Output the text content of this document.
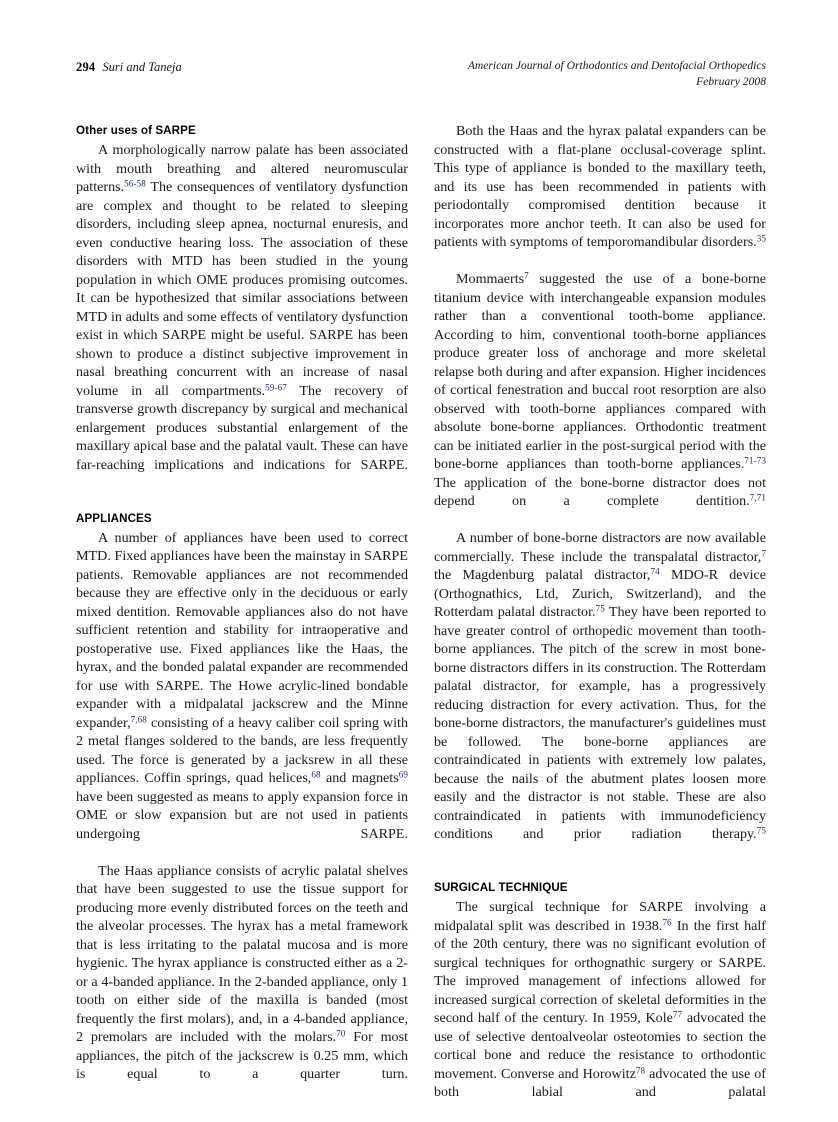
294 Suri and Taneja	American Journal of Orthodontics and Dentofacial Orthopedics
February 2008
Other uses of SARPE

A morphologically narrow palate has been associated with mouth breathing and altered neuromuscular patterns.$^{56-58}$ The consequences of ventilatory dysfunction are complex and thought to be related to sleeping disorders, including sleep apnea, nocturnal enuresis, and even conductive hearing loss. The association of these disorders with MTD has been studied in the young population in which OME produces promising outcomes. It can be hypothesized that similar associations between MTD in adults and some effects of ventilatory dysfunction exist in which SARPE might be useful. SARPE has been shown to produce a distinct subjective improvement in nasal breathing concurrent with an increase of nasal volume in all compartments.$^{59-67}$ The recovery of transverse growth discrepancy by surgical and mechanical enlargement produces substantial enlargement of the maxillary apical base and the palatal vault. These can have far-reaching implications and indications for SARPE.

APPLIANCES

A number of appliances have been used to correct MTD. Fixed appliances have been the mainstay in SARPE patients. Removable appliances are not recommended because they are effective only in the deciduous or early mixed dentition. Removable appliances also do not have sufficient retention and stability for intraoperative and postoperative use. Fixed appliances like the Haas, the hyrax, and the bonded palatal expander are recommended for use with SARPE. The Howe acrylic-lined bondable expander with a midpalatal jackscrew and the Minne expander,$^{7,68}$ consisting of a heavy caliber coil spring with 2 metal flanges soldered to the bands, are less frequently used. The force is generated by a jacksrew in all these appliances. Coffin springs, quad helices,$^{68}$ and magnets$^{69}$ have been suggested as means to apply expansion force in OME or slow expansion but are not used in patients undergoing SARPE.

The Haas appliance consists of acrylic palatal shelves that have been suggested to use the tissue support for producing more evenly distributed forces on the teeth and the alveolar processes. The hyrax has a metal framework that is less irritating to the palatal mucosa and is more hygienic. The hyrax appliance is constructed either as a 2- or a 4-banded appliance. In the 2-banded appliance, only 1 tooth on either side of the maxilla is banded (most frequently the first molars), and, in a 4-banded appliance, 2 premolars are included with the molars.$^{70}$ For most appliances, the pitch of the jackscrew is 0.25 mm, which is equal to a quarter turn.

Both the Haas and the hyrax palatal expanders can be constructed with a flat-plane occlusal-coverage splint. This type of appliance is bonded to the maxillary teeth, and its use has been recommended in patients with periodontally compromised dentition because it incorporates more anchor teeth. It can also be used for patients with symptoms of temporomandibular disorders.$^{35}$

Mommaerts$^7$ suggested the use of a bone-borne titanium device with interchangeable expansion modules rather than a conventional tooth-bome appliance. According to him, conventional tooth-borne appliances produce greater loss of anchorage and more skeletal relapse both during and after expansion. Higher incidences of cortical fenestration and buccal root resorption are also observed with tooth-borne appliances compared with absolute bone-borne appliances. Orthodontic treatment can be initiated earlier in the post-surgical period with the bone-borne appliances than tooth-borne appliances.$^{71-73}$ The application of the bone-borne distractor does not depend on a complete dentition.$^{7,71}$

A number of bone-borne distractors are now available commercially. These include the transpalatal distractor,$^7$ the Magdenburg palatal distractor,$^{74}$ MDO-R device (Orthognathics, Ltd, Zurich, Switzerland), and the Rotterdam palatal distractor.$^{75}$ They have been reported to have greater control of orthopedic movement than tooth-borne appliances. The pitch of the screw in most bone-borne distractors differs in its construction. The Rotterdam palatal distractor, for example, has a progressively reducing distraction for every activation. Thus, for the bone-borne distractors, the manufacturer's guidelines must be followed. The bone-borne appliances are contraindicated in patients with extremely low palates, because the nails of the abutment plates loosen more easily and the distractor is not stable. These are also contraindicated in patients with immunodeficiency conditions and prior radiation therapy.$^{75}$

SURGICAL TECHNIQUE

The surgical technique for SARPE involving a midpalatal split was described in 1938.76 In the first half of the 20th century, there was no significant evolution of surgical techniques for orthognathic surgery or SARPE. The improved management of infections allowed for increased surgical correction of skeletal deformities in the second half of the century. In 1959, Kole$^{77}$ advocated the use of selective dentoalveolar osteotomies to section the cortical bone and reduce the resistance to orthodontic movement. Converse and Horowitz$^{78}$ advocated the use of both labial and palatal
